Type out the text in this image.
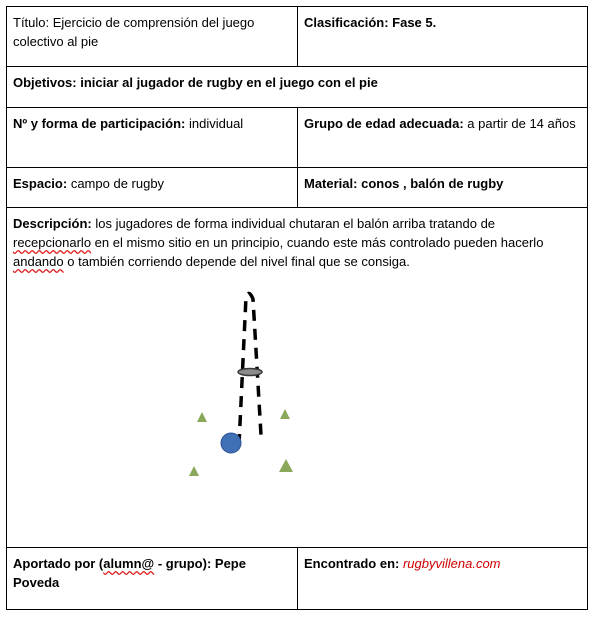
Título: Ejercicio de comprensión del juego colectivo al pie	Clasificación: Fase 5.
Objetivos: iniciar al jugador de rugby en el juego con el pie	
Nº y forma de participación: individual	Grupo de edad adecuada: a partir de 14 años
Espacio: campo de rugby	Material: conos , balón de rugby

Descripción: los jugadores de forma individual chutaran el balón arriba tratando de
recepcionarlo en el mismo sitio en un principio, cuando este más controlado pueden hacerlo
andando o también corriendo depende del nivel final que se consiga.	

Aportado por (alumn@ - grupo): Pepe Poveda	Encontrado en: rugbyvillena.com
